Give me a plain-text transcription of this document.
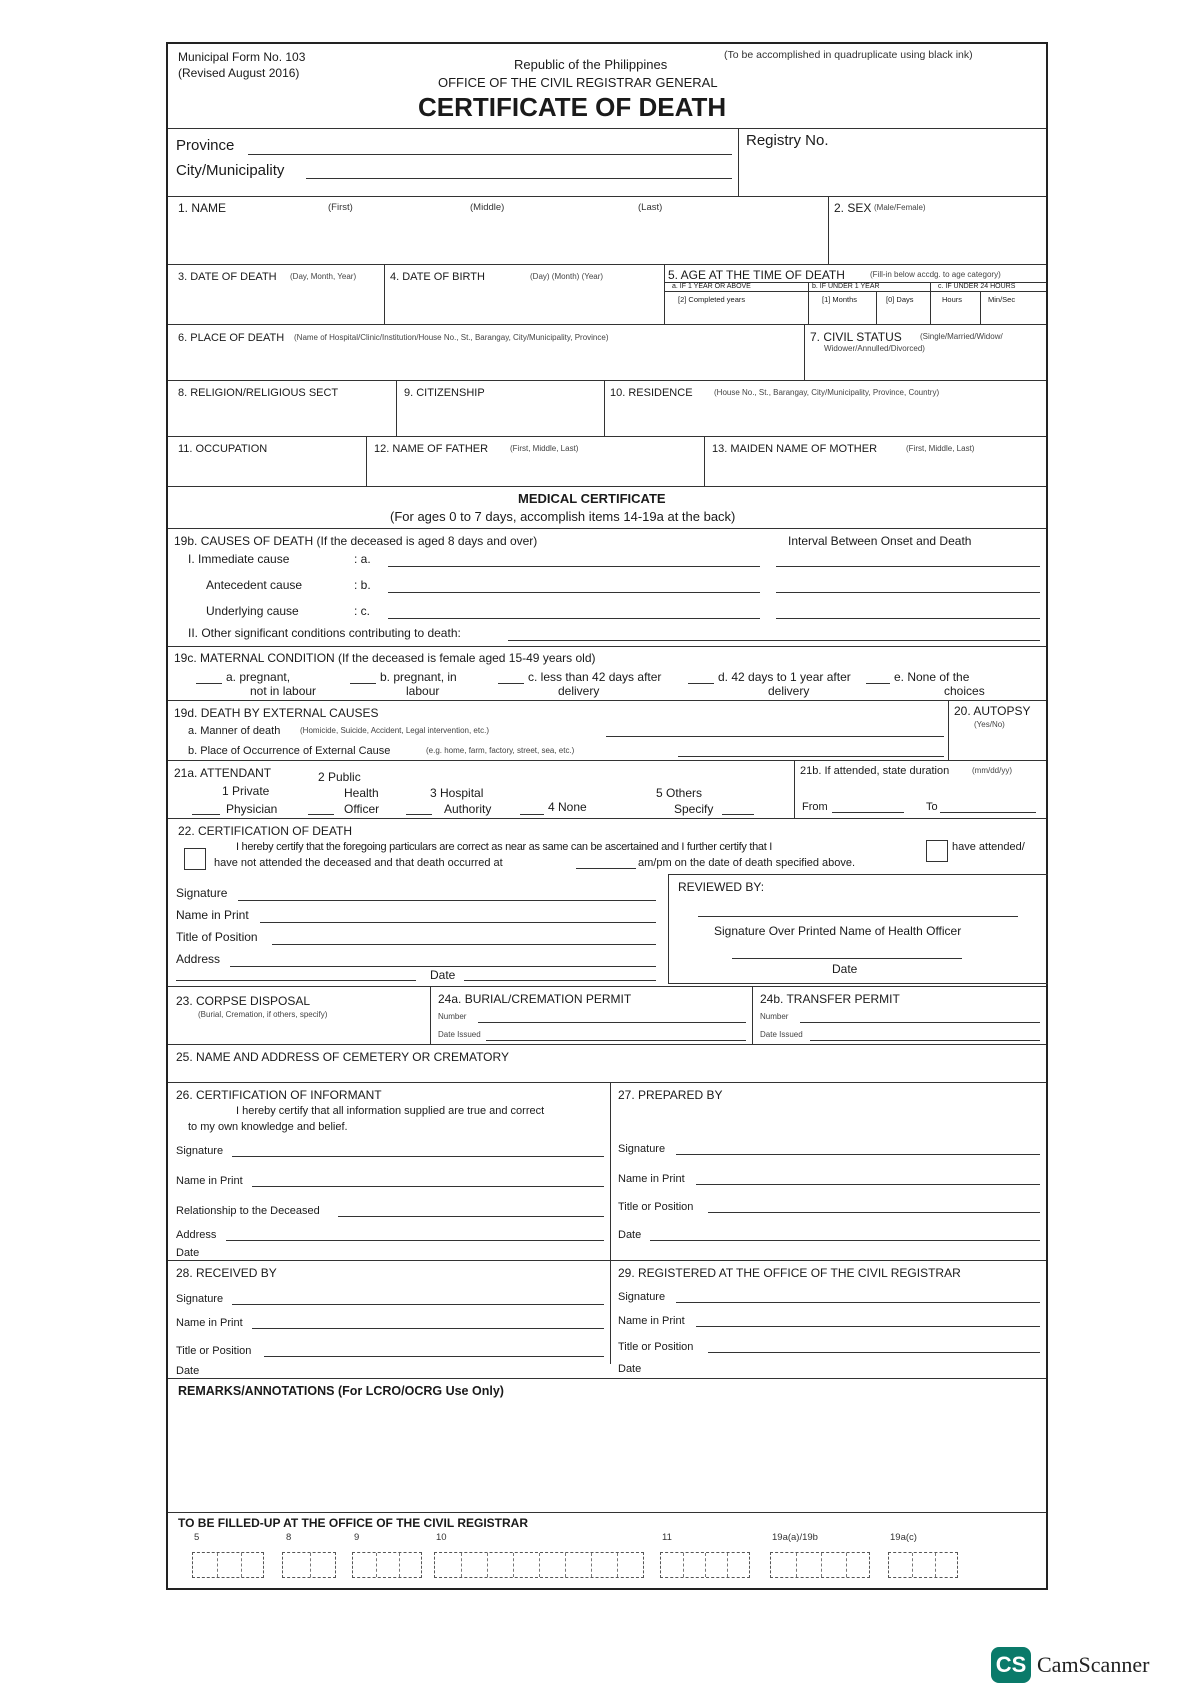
Municipal Form No. 103
(Revised August 2016)
Republic of the Philippines
(To be accomplished in quadruplicate using black ink)
OFFICE OF THE CIVIL REGISTRAR GENERAL
CERTIFICATE OF DEATH
Province
City/Municipality
Registry No.
1. NAME	(First)	(Middle)	(Last)	2. SEX (Male/Female)
3. DATE OF DEATH (Day, Month, Year)	4. DATE OF BIRTH	(Day) (Month) (Year)	5. AGE AT THE TIME OF DEATH	(Fill-in below accdg. to age category)
a. IF 1 YEAR OR ABOVE	b. IF UNDER 1 YEAR	c. IF UNDER 24 HOURS
[2] Completed years	[1] Months	[0] Days	Hours	Min/Sec
6. PLACE OF DEATH (Name of Hospital/Clinic/Institution/House No., St., Barangay, City/Municipality, Province)	7. CIVIL STATUS (Single/Married/Widow/
Widower/Annulled/Divorced)
8. RELIGION/RELIGIOUS SECT	9. CITIZENSHIP	10. RESIDENCE	(House No., St., Barangay, City/Municipality, Province, Country)
11. OCCUPATION	12. NAME OF FATHER	(First, Middle, Last)	13. MAIDEN NAME OF MOTHER	(First, Middle, Last)
MEDICAL CERTIFICATE
(For ages 0 to 7 days, accomplish items 14-19a at the back)
19b. CAUSES OF DEATH (If the deceased is aged 8 days and over)	Interval Between Onset and Death
I. Immediate cause	: a.
Antecedent cause	: b.
Underlying cause	: c.
II. Other significant conditions contributing to death:
19c. MATERNAL CONDITION (If the deceased is female aged 15-49 years old)
a. pregnant,
not in labour
b. pregnant, in
labour
c. less than 42 days after
delivery
d. 42 days to 1 year after
delivery
e. None of the
choices
19d. DEATH BY EXTERNAL CAUSES
a. Manner of death (Homicide, Suicide, Accident, Legal intervention, etc.)
b. Place of Occurrence of External Cause	(e.g. home, farm, factory, street, sea, etc.)
20. AUTOPSY
(Yes/No)
21a. ATTENDANT
1 Private
Physician
2 Public
Health
Officer
3 Hospital
Authority	4 None
5 Others
Specify
21b. If attended, state duration	(mm/dd/yy)
From	To
22. CERTIFICATION OF DEATH
I hereby certify that the foregoing particulars are correct as near as same can be ascertained and I further certify that I	have attended/
have not attended the deceased and that death occurred at	am/pm on the date of death specified above.
Signature
Name in Print
Title of Position
Address
Date
REVIEWED BY:
Signature Over Printed Name of Health Officer
Date
23. CORPSE DISPOSAL
(Burial, Cremation, if others, specify)
24a. BURIAL/CREMATION PERMIT
Number
Date Issued
24b. TRANSFER PERMIT
Number
Date Issued
25. NAME AND ADDRESS OF CEMETERY OR CREMATORY
26. CERTIFICATION OF INFORMANT
I hereby certify that all information supplied are true and correct
to my own knowledge and belief.
Signature
Name in Print
Relationship to the Deceased
Address
Date
27. PREPARED BY
Signature
Name in Print
Title or Position
Date
28. RECEIVED BY
Signature
Name in Print
Title or Position
Date
29. REGISTERED AT THE OFFICE OF THE CIVIL REGISTRAR
Signature
Name in Print
Title or Position
Date
REMARKS/ANNOTATIONS (For LCRO/OCRG Use Only)
TO BE FILLED-UP AT THE OFFICE OF THE CIVIL REGISTRAR
5	8	9	10	11	19a(a)/19b	19a(c)
CS CamScanner
